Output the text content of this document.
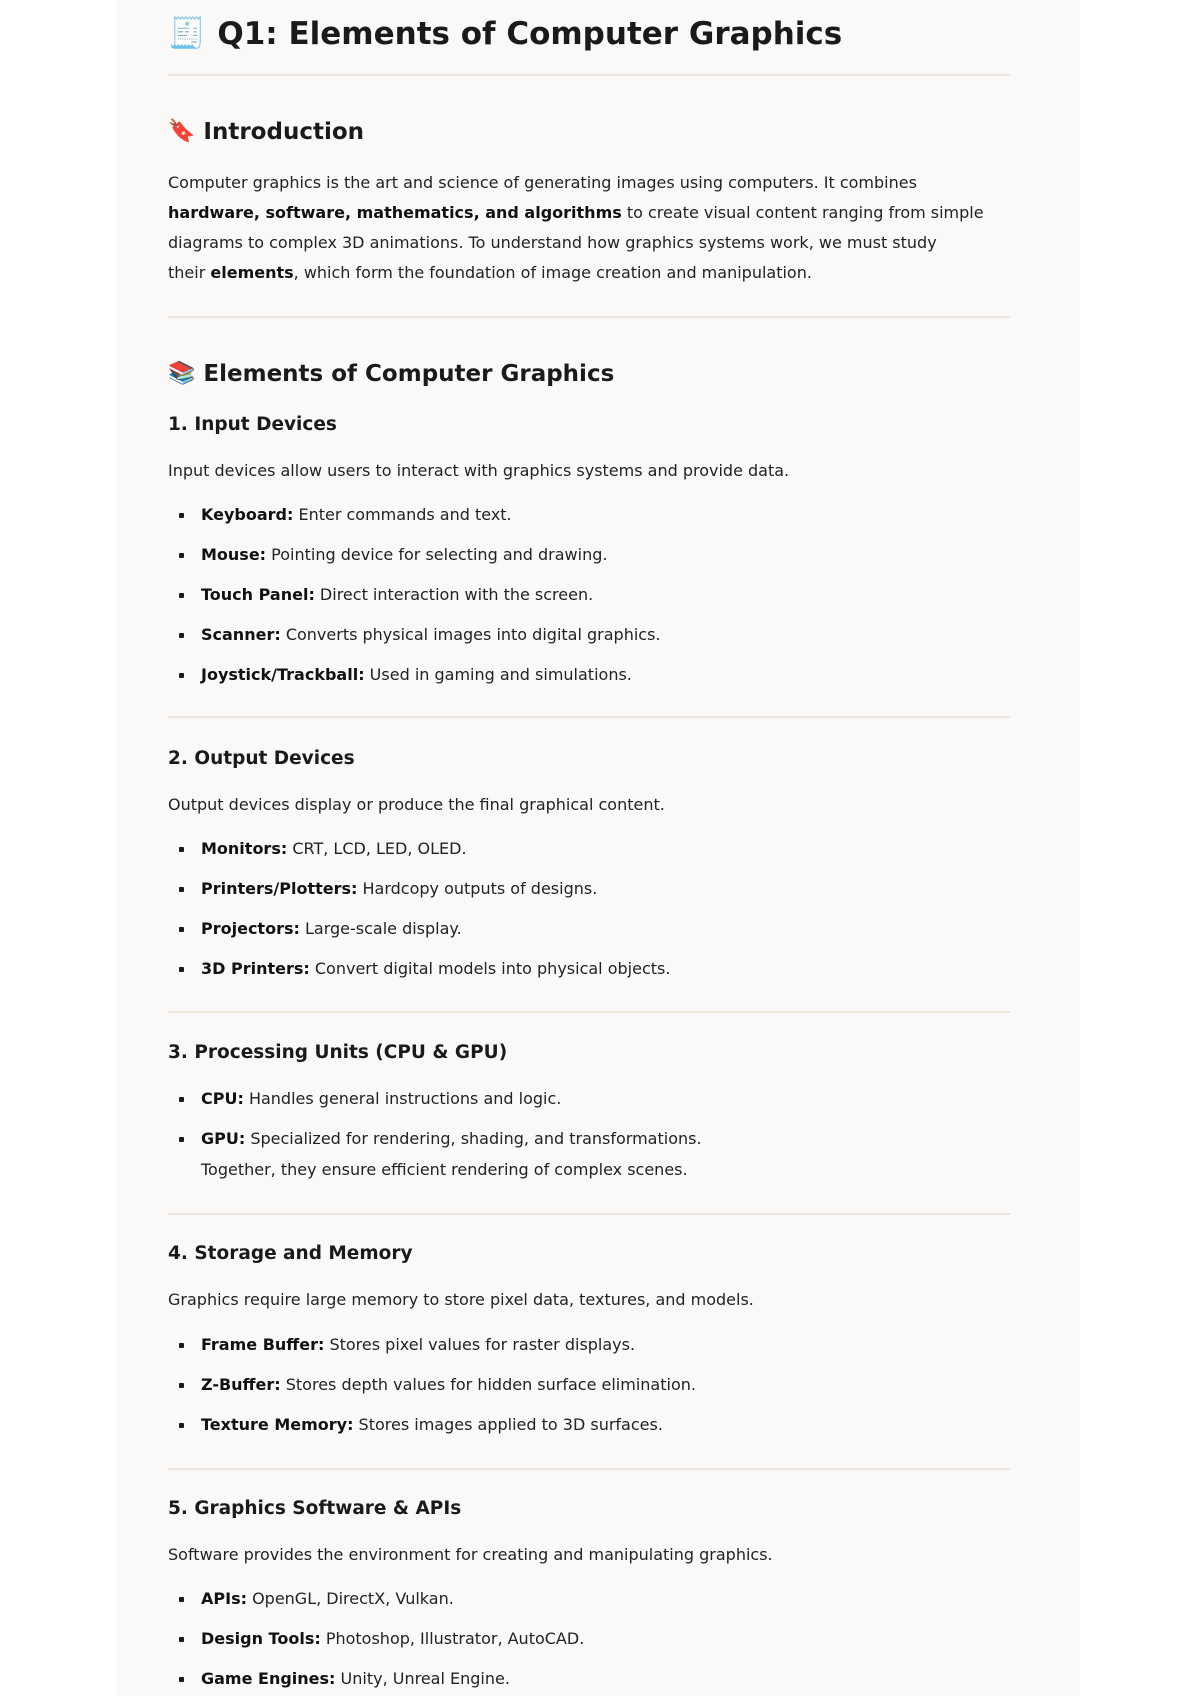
🧾 Q1: Elements of Computer Graphics
🔖 Introduction

Computer graphics is the art and science of generating images using computers. It combines

hardware, software, mathematics, and algorithms to create visual content ranging from simple

diagrams to complex 3D animations. To understand how graphics systems work, we must study

their elements, which form the foundation of image creation and manipulation.

📚 Elements of Computer Graphics
1. Input Devices

Input devices allow users to interact with graphics systems and provide data.

Keyboard: Enter commands and text.
Mouse: Pointing device for selecting and drawing.
Touch Panel: Direct interaction with the screen.
Scanner: Converts physical images into digital graphics.
Joystick/Trackball: Used in gaming and simulations.
2. Output Devices

Output devices display or produce the final graphical content.

Monitors: CRT, LCD, LED, OLED.
Printers/Plotters: Hardcopy outputs of designs.
Projectors: Large-scale display.
3D Printers: Convert digital models into physical objects.
3. Processing Units (CPU & GPU)
CPU: Handles general instructions and logic.
GPU: Specialized for rendering, shading, and transformations.

Together, they ensure efficient rendering of complex scenes.

4. Storage and Memory

Graphics require large memory to store pixel data, textures, and models.

Frame Buffer: Stores pixel values for raster displays.
Z-Buffer: Stores depth values for hidden surface elimination.
Texture Memory: Stores images applied to 3D surfaces.
5. Graphics Software & APIs

Software provides the environment for creating and manipulating graphics.

APIs: OpenGL, DirectX, Vulkan.
Design Tools: Photoshop, Illustrator, AutoCAD.
Game Engines: Unity, Unreal Engine.
